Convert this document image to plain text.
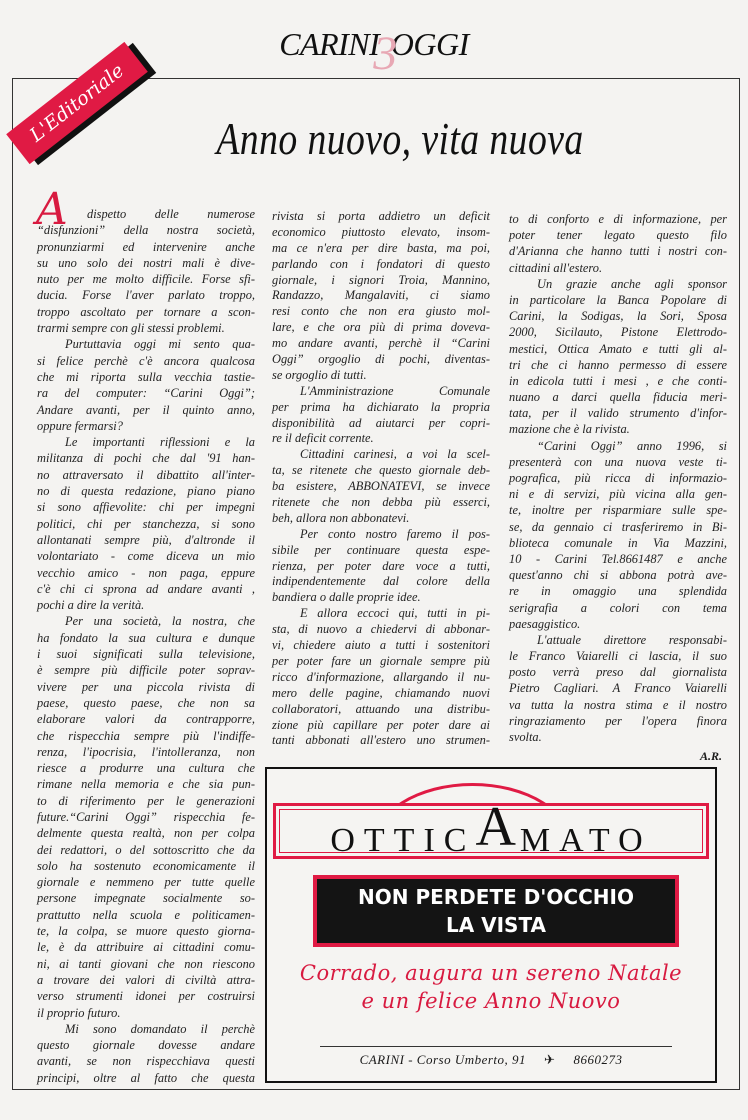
CARINI3OGGI
L'Editoriale	Anno nuovo, vita nuova
A	dispetto delle numerose
“disfunzioni” della nostra società,
pronunziarmi ed intervenire anche
su uno solo dei nostri mali è dive-
nuto per me molto difficile. Forse sfi-
ducia. Forse l'aver parlato troppo,
troppo ascoltato per tornare a scon-
trarmi sempre con gli stessi problemi.
Purtuttavia oggi mi sento qua-
si felice perchè c'è ancora qualcosa
che mi riporta sulla vecchia tastie-
ra del computer: “Carini Oggi”;
Andare avanti, per il quinto anno,
oppure fermarsi?
Le importanti riflessioni e la
militanza di pochi che dal '91 han-
no attraversato il dibattito all'inter-
no di questa redazione, piano piano
si sono affievolite: chi per impegni
politici, chi per stanchezza, si sono
allontanati sempre più, d'altronde il
volontariato - come diceva un mio
vecchio amico - non paga, eppure
c'è chi ci sprona ad andare avanti ,
pochi a dire la verità.
Per una società, la nostra, che
ha fondato la sua cultura e dunque
i suoi significati sulla televisione,
è sempre più difficile poter soprav-
vivere per una piccola rivista di
paese, questo paese, che non sa
elaborare valori da contrapporre,
che rispecchia sempre più l'indiffe-
renza, l'ipocrisia, l'intolleranza, non
riesce a produrre una cultura che
rimane nella memoria e che sia pun-
to di riferimento per le generazioni
future.“Carini Oggi” rispecchia fe-
delmente questa realtà, non per colpa
dei redattori, o del sottoscritto che da
solo ha sostenuto economicamente il
giornale e nemmeno per tutte quelle
persone impegnate socialmente so-
prattutto nella scuola e politicamen-
te, la colpa, se muore questo giorna-
le, è da attribuire ai cittadini comu-
ni, ai tanti giovani che non riescono
a trovare dei valori di civiltà attra-
verso strumenti idonei per costruirsi
il proprio futuro.
Mi sono domandato il perchè
questo giornale dovesse andare
avanti, se non rispecchiava questi
principi, oltre al fatto che questa
rivista si porta addietro un deficit
economico piuttosto elevato, insom-
ma ce n'era per dire basta, ma poi,
parlando con i fondatori di questo
giornale, i signori Troia, Mannino,
Randazzo, Mangalaviti, ci siamo
resi conto che non era giusto mol-
lare, e che ora più di prima doveva-
mo andare avanti, perchè il “Carini
Oggi” orgoglio di pochi, diventas-
se orgoglio di tutti.
L'Amministrazione Comunale
per prima ha dichiarato la propria
disponibilità ad aiutarci per copri-
re il deficit corrente.
Cittadini carinesi, a voi la scel-
ta, se ritenete che questo giornale deb-
ba esistere, ABBONATEVI, se invece
ritenete che non debba più esserci,
beh, allora non abbonatevi.
Per conto nostro faremo il pos-
sibile per continuare questa espe-
rienza, per poter dare voce a tutti,
indipendentemente dal colore della
bandiera o dalle proprie idee.
E allora eccoci qui, tutti in pi-
sta, di nuovo a chiedervi di abbonar-
vi, chiedere aiuto a tutti i sostenitori
per poter fare un giornale sempre più
ricco d'informazione, allargando il nu-
mero delle pagine, chiamando nuovi
collaboratori, attuando una distribu-
zione più capillare per poter dare ai
tanti abbonati all'estero uno strumen-
to di conforto e di informazione, per
poter tener legato questo filo
d'Arianna che hanno tutti i nostri con-
cittadini all'estero.
Un grazie anche agli sponsor
in particolare la Banca Popolare di
Carini, la Sodigas, la Sori, Sposa
2000, Sicilauto, Pistone Elettrodo-
mestici, Ottica Amato e tutti gli al-
tri che ci hanno permesso di essere
in edicola tutti i mesi , e che conti-
nuano a darci quella fiducia meri-
tata, per il valido strumento d'infor-
mazione che è la rivista.
“Carini Oggi” anno 1996, si
presenterà con una nuova veste ti-
pografica, più ricca di informazio-
ni e di servizi, più vicina alla gen-
te, inoltre per risparmiare sulle spe-
se, da gennaio ci trasferiremo in Bi-
blioteca comunale in Via Mazzini,
10 - Carini Tel.8661487 e anche
quest'anno chi si abbona potrà ave-
re in omaggio una splendida
serigrafia a colori con tema
paesaggistico.
L'attuale direttore responsabi-
le Franco Vaiarelli ci lascia, il suo
posto verrà preso dal giornalista
Pietro Cagliari. A Franco Vaiarelli
va tutta la nostra stima e il nostro
ringraziamento per l'opera finora
svolta.
A.R.
OTTICAMATO
NON PERDETE D'OCCHIO
LA VISTA
Corrado, augura un sereno Natale
e un felice Anno Nuovo
CARINI - Corso Umberto, 91 ✈ 8660273
